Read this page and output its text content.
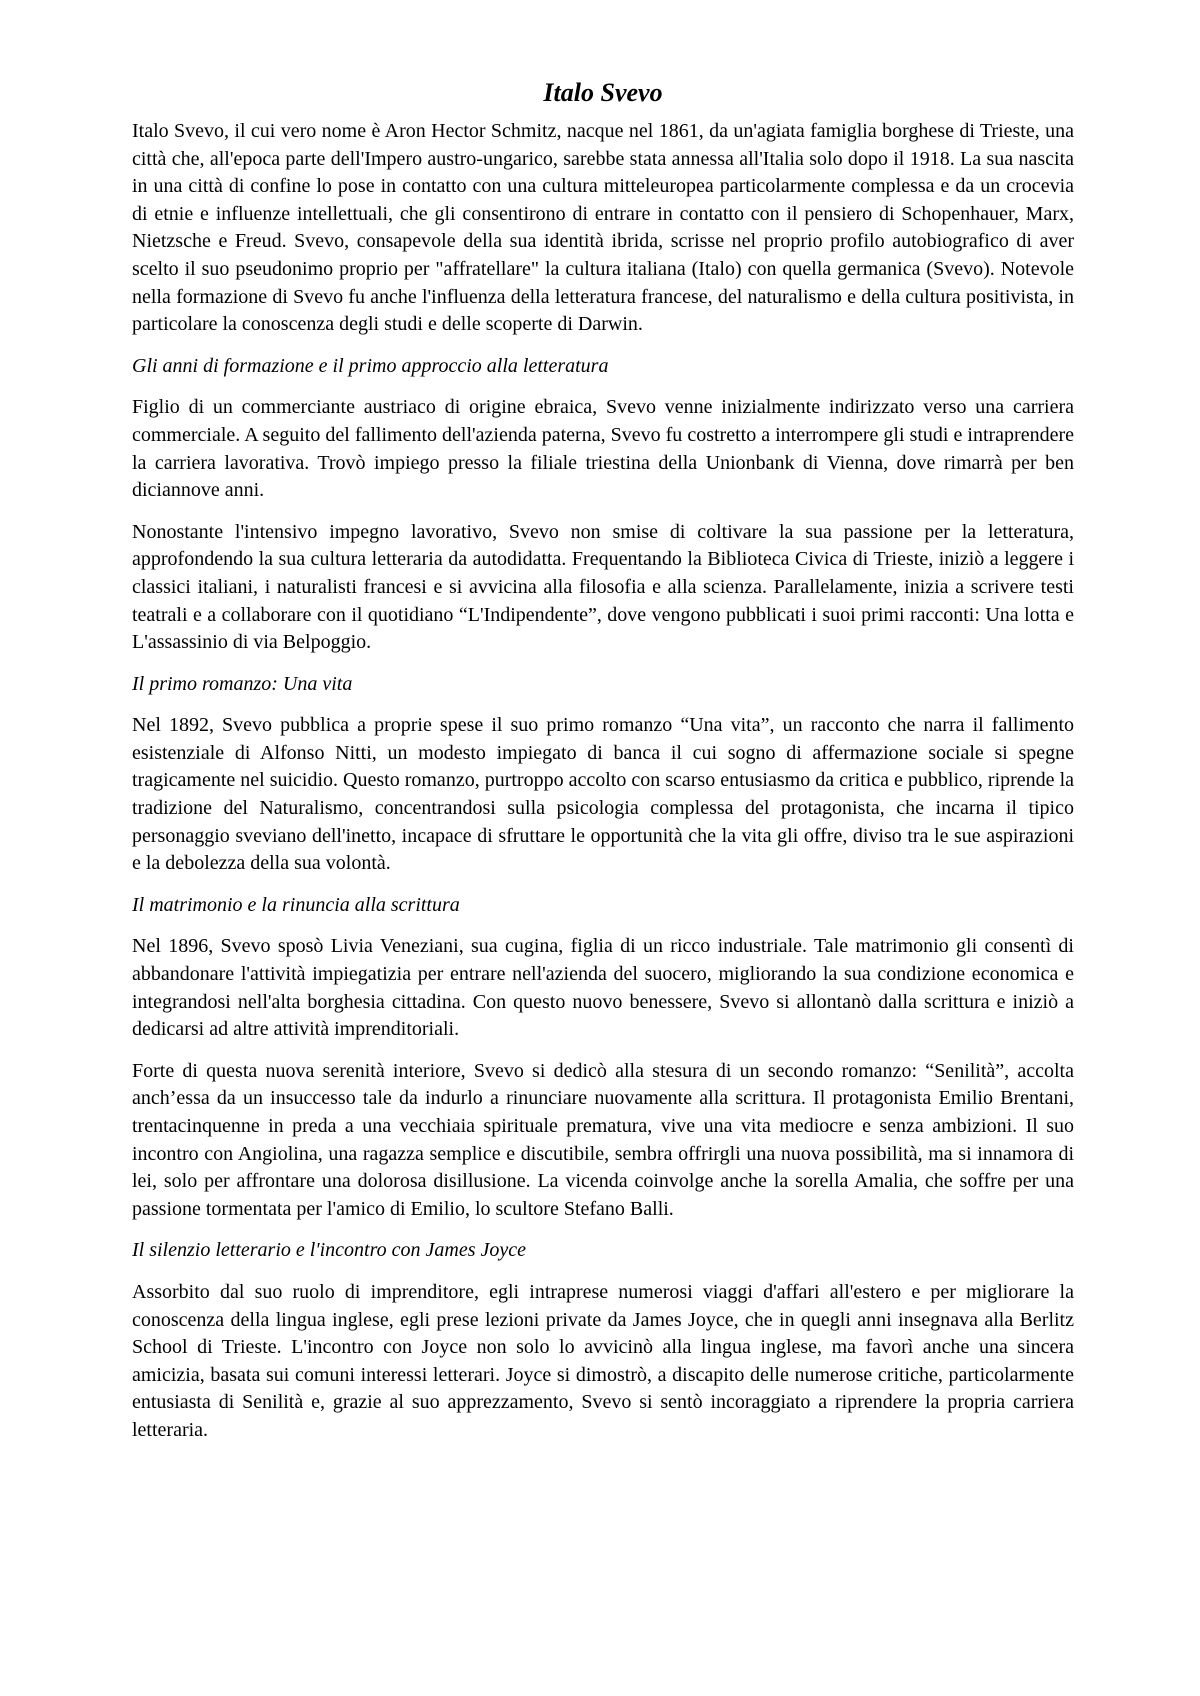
Italo Svevo

Italo Svevo, il cui vero nome è Aron Hector Schmitz, nacque nel 1861, da un'agiata famiglia borghese di Trieste, una città che, all'epoca parte dell'Impero austro-ungarico, sarebbe stata annessa all'Italia solo dopo il 1918. La sua nascita in una città di confine lo pose in contatto con una cultura mitteleuropea particolarmente complessa e da un crocevia di etnie e influenze intellettuali, che gli consentirono di entrare in contatto con il pensiero di Schopenhauer, Marx, Nietzsche e Freud. Svevo, consapevole della sua identità ibrida, scrisse nel proprio profilo autobiografico di aver scelto il suo pseudonimo proprio per "affratellare" la cultura italiana (Italo) con quella germanica (Svevo). Notevole nella formazione di Svevo fu anche l'influenza della letteratura francese, del naturalismo e della cultura positivista, in particolare la conoscenza degli studi e delle scoperte di Darwin.

Gli anni di formazione e il primo approccio alla letteratura

Figlio di un commerciante austriaco di origine ebraica, Svevo venne inizialmente indirizzato verso una carriera commerciale. A seguito del fallimento dell'azienda paterna, Svevo fu costretto a interrompere gli studi e intraprendere la carriera lavorativa. Trovò impiego presso la filiale triestina della Unionbank di Vienna, dove rimarrà per ben diciannove anni.

Nonostante l'intensivo impegno lavorativo, Svevo non smise di coltivare la sua passione per la letteratura, approfondendo la sua cultura letteraria da autodidatta. Frequentando la Biblioteca Civica di Trieste, iniziò a leggere i classici italiani, i naturalisti francesi e si avvicina alla filosofia e alla scienza. Parallelamente, inizia a scrivere testi teatrali e a collaborare con il quotidiano “L'Indipendente”, dove vengono pubblicati i suoi primi racconti: Una lotta e L'assassinio di via Belpoggio.

Il primo romanzo: Una vita

Nel 1892, Svevo pubblica a proprie spese il suo primo romanzo “Una vita”, un racconto che narra il fallimento esistenziale di Alfonso Nitti, un modesto impiegato di banca il cui sogno di affermazione sociale si spegne tragicamente nel suicidio. Questo romanzo, purtroppo accolto con scarso entusiasmo da critica e pubblico, riprende la tradizione del Naturalismo, concentrandosi sulla psicologia complessa del protagonista, che incarna il tipico personaggio sveviano dell'inetto, incapace di sfruttare le opportunità che la vita gli offre, diviso tra le sue aspirazioni e la debolezza della sua volontà.

Il matrimonio e la rinuncia alla scrittura

Nel 1896, Svevo sposò Livia Veneziani, sua cugina, figlia di un ricco industriale. Tale matrimonio gli consentì di abbandonare l'attività impiegatizia per entrare nell'azienda del suocero, migliorando la sua condizione economica e integrandosi nell'alta borghesia cittadina. Con questo nuovo benessere, Svevo si allontanò dalla scrittura e iniziò a dedicarsi ad altre attività imprenditoriali.

Forte di questa nuova serenità interiore, Svevo si dedicò alla stesura di un secondo romanzo: “Senilità”, accolta anch’essa da un insuccesso tale da indurlo a rinunciare nuovamente alla scrittura. Il protagonista Emilio Brentani, trentacinquenne in preda a una vecchiaia spirituale prematura, vive una vita mediocre e senza ambizioni. Il suo incontro con Angiolina, una ragazza semplice e discutibile, sembra offrirgli una nuova possibilità, ma si innamora di lei, solo per affrontare una dolorosa disillusione. La vicenda coinvolge anche la sorella Amalia, che soffre per una passione tormentata per l'amico di Emilio, lo scultore Stefano Balli.

Il silenzio letterario e l'incontro con James Joyce

Assorbito dal suo ruolo di imprenditore, egli intraprese numerosi viaggi d'affari all'estero e per migliorare la conoscenza della lingua inglese, egli prese lezioni private da James Joyce, che in quegli anni insegnava alla Berlitz School di Trieste. L'incontro con Joyce non solo lo avvicinò alla lingua inglese, ma favorì anche una sincera amicizia, basata sui comuni interessi letterari. Joyce si dimostrò, a discapito delle numerose critiche, particolarmente entusiasta di Senilità e, grazie al suo apprezzamento, Svevo si sentò incoraggiato a riprendere la propria carriera letteraria.
